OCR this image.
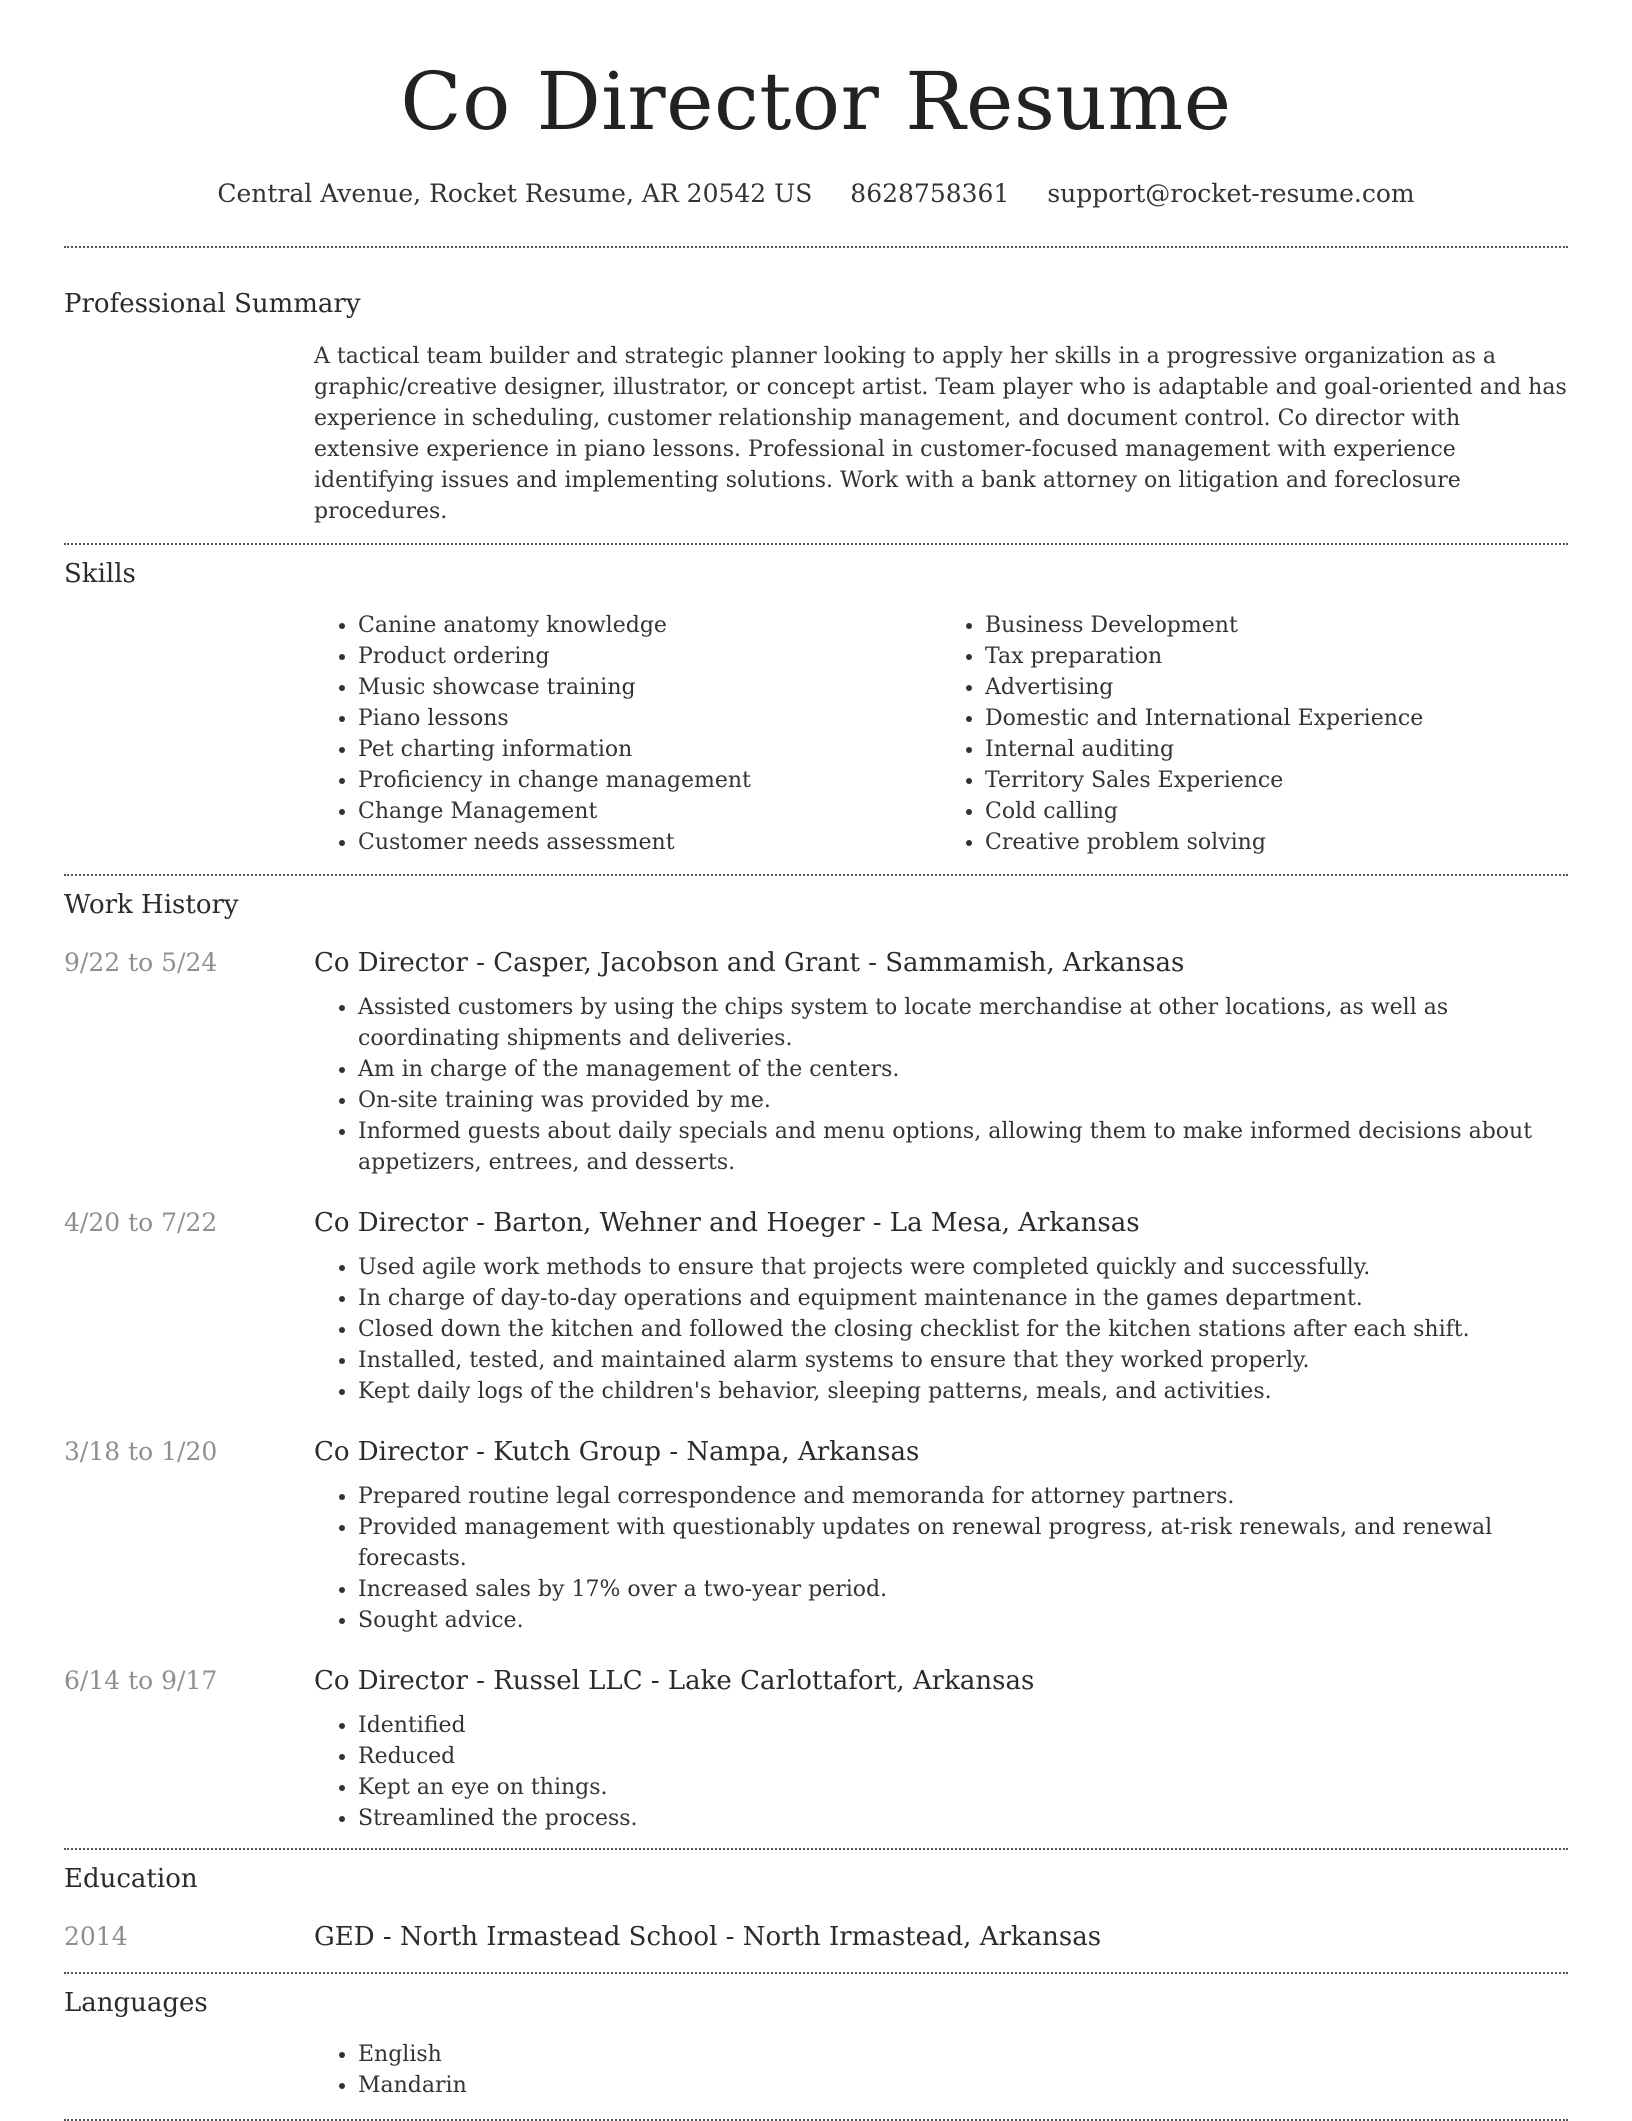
Co Director Resume
Central Avenue, Rocket Resume, AR 20542 US 8628758361 support@rocket-resume.com
Professional Summary

A tactical team builder and strategic planner looking to apply her skills in a progressive organization as a graphic/creative designer, illustrator, or concept artist. Team player who is adaptable and goal-oriented and has experience in scheduling, customer relationship management, and document control. Co director with extensive experience in piano lessons. Professional in customer-focused management with experience identifying issues and implementing solutions. Work with a bank attorney on litigation and foreclosure procedures.

Skills
• Canine anatomy knowledge
• Product ordering
• Music showcase training
• Piano lessons
• Pet charting information
• Proficiency in change management
• Change Management
• Customer needs assessment
• Business Development
• Tax preparation
• Advertising
• Domestic and International Experience
• Internal auditing
• Territory Sales Experience
• Cold calling
• Creative problem solving
Work History
9/22 to 5/24	Co Director - Casper, Jacobson and Grant - Sammamish, Arkansas
• Assisted customers by using the chips system to locate merchandise at other locations, as well as coordinating shipments and deliveries.
• Am in charge of the management of the centers.
• On-site training was provided by me.
• Informed guests about daily specials and menu options, allowing them to make informed decisions about appetizers, entrees, and desserts.
4/20 to 7/22	Co Director - Barton, Wehner and Hoeger - La Mesa, Arkansas
• Used agile work methods to ensure that projects were completed quickly and successfully.
• In charge of day-to-day operations and equipment maintenance in the games department.
• Closed down the kitchen and followed the closing checklist for the kitchen stations after each shift.
• Installed, tested, and maintained alarm systems to ensure that they worked properly.
• Kept daily logs of the children's behavior, sleeping patterns, meals, and activities.
3/18 to 1/20	Co Director - Kutch Group - Nampa, Arkansas
• Prepared routine legal correspondence and memoranda for attorney partners.
• Provided management with questionably updates on renewal progress, at-risk renewals, and renewal forecasts.
• Increased sales by 17% over a two-year period.
• Sought advice.
6/14 to 9/17	Co Director - Russel LLC - Lake Carlottafort, Arkansas
• Identified
• Reduced
• Kept an eye on things.
• Streamlined the process.
Education
2014	GED - North Irmastead School - North Irmastead, Arkansas
Languages
• English
• Mandarin
